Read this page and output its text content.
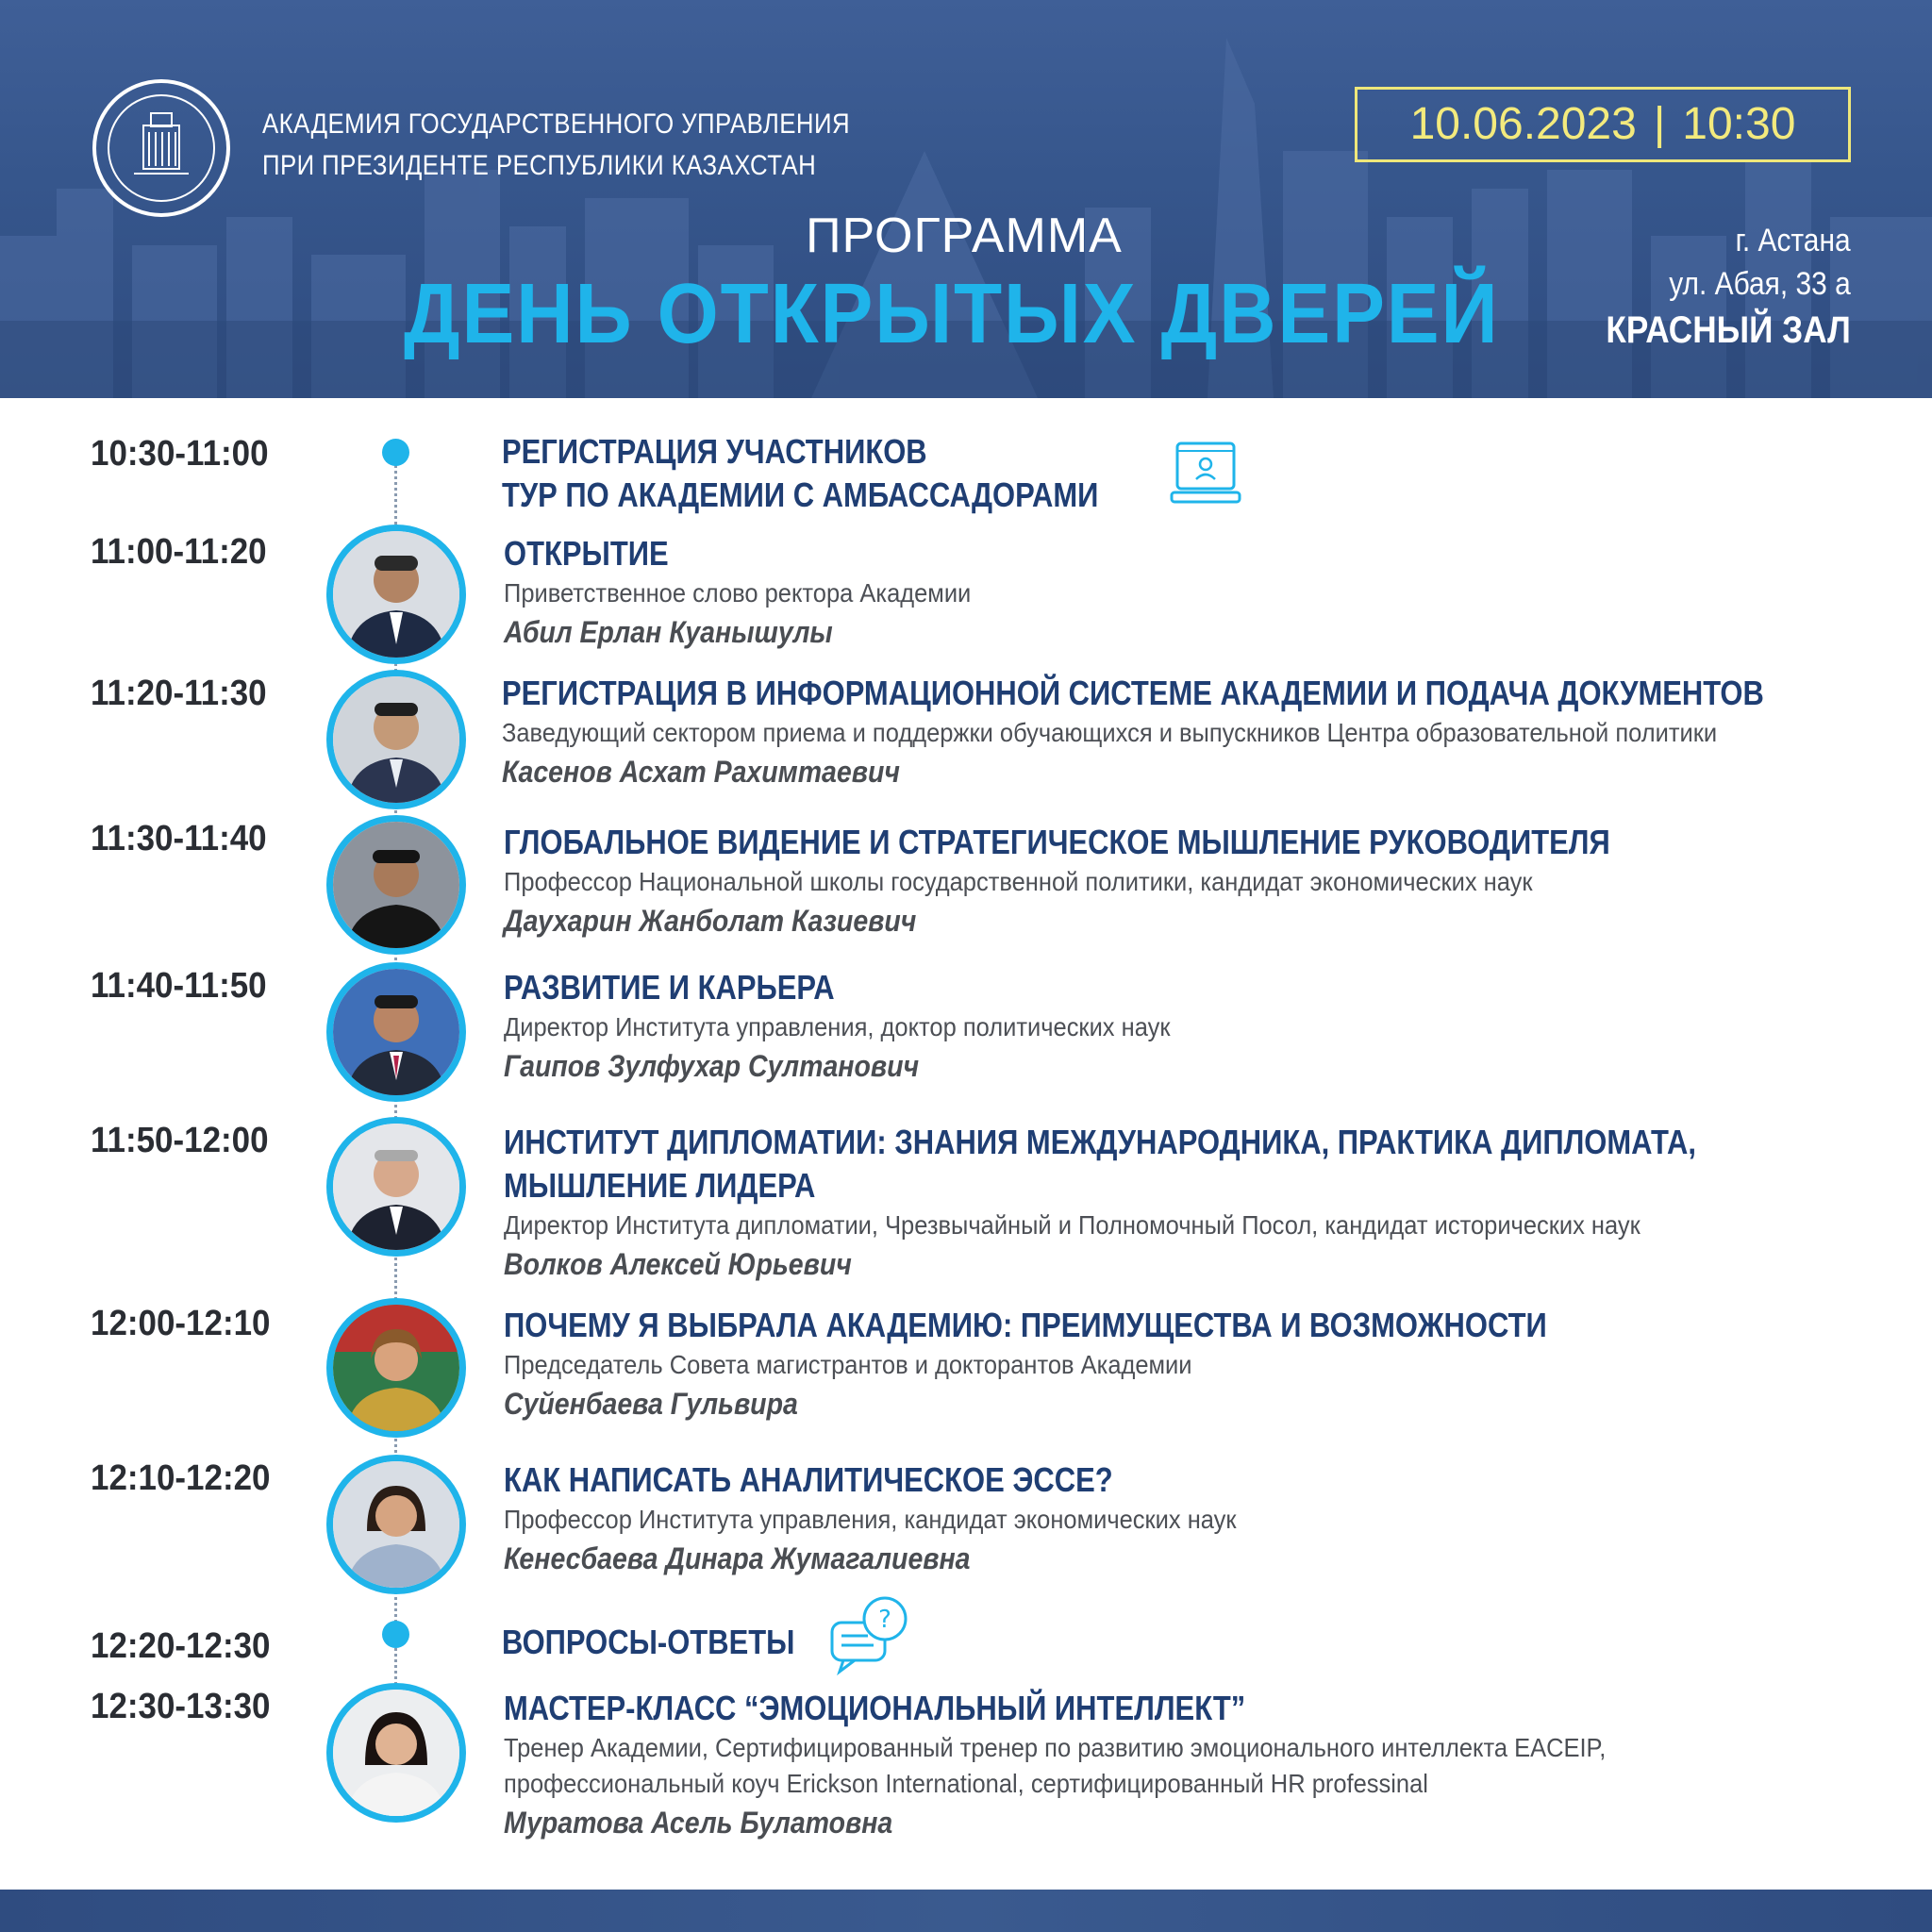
АКАДЕМИЯ ГОСУДАРСТВЕННОГО УПРАВЛЕНИЯ
ПРИ ПРЕЗИДЕНТЕ РЕСПУБЛИКИ КАЗАХСТАН
10.06.2023 | 10:30
ПРОГРАММА
ДЕНЬ ОТКРЫТЫХ ДВЕРЕЙ
г. Астана
ул. Абая, 33 а
КРАСНЫЙ ЗАЛ
10:30-11:00	РЕГИСТРАЦИЯ УЧАСТНИКОВ
ТУР ПО АКАДЕМИИ С АМБАССАДОРАМИ
11:00-11:20	ОТКРЫТИЕ
Приветственное слово ректора Академии
Абил Ерлан Куанышулы
11:20-11:30	РЕГИСТРАЦИЯ В ИНФОРМАЦИОННОЙ СИСТЕМЕ АКАДЕМИИ И ПОДАЧА ДОКУМЕНТОВ
Заведующий сектором приема и поддержки обучающихся и выпускников Центра образовательной политики
Касенов Асхат Рахимтаевич
11:30-11:40	ГЛОБАЛЬНОЕ ВИДЕНИЕ И СТРАТЕГИЧЕСКОЕ МЫШЛЕНИЕ РУКОВОДИТЕЛЯ
Профессор Национальной школы государственной политики, кандидат экономических наук
Даухарин Жанболат Казиевич
11:40-11:50	РАЗВИТИЕ И КАРЬЕРА
Директор Института управления, доктор политических наук
Гаипов Зулфухар Султанович
11:50-12:00	ИНСТИТУТ ДИПЛОМАТИИ: ЗНАНИЯ МЕЖДУНАРОДНИКА, ПРАКТИКА ДИПЛОМАТА,
МЫШЛЕНИЕ ЛИДЕРА
Директор Института дипломатии, Чрезвычайный и Полномочный Посол, кандидат исторических наук
Волков Алексей Юрьевич
12:00-12:10	ПОЧЕМУ Я ВЫБРАЛА АКАДЕМИЮ: ПРЕИМУЩЕСТВА И ВОЗМОЖНОСТИ
Председатель Совета магистрантов и докторантов Академии
Суйенбаева Гульвира
12:10-12:20	КАК НАПИСАТЬ АНАЛИТИЧЕСКОЕ ЭССЕ?
Профессор Института управления, кандидат экономических наук
Кенесбаева Динара Жумагалиевна
12:20-12:30	ВОПРОСЫ-ОТВЕТЫ
?
12:30-13:30	МАСТЕР-КЛАСС “ЭМОЦИОНАЛЬНЫЙ ИНТЕЛЛЕКТ”
Тренер Академии, Сертифицированный тренер по развитию эмоционального интеллекта EACEIP,
профессиональный коуч Erickson International, сертифицированный HR professinal
Муратова Асель Булатовна
